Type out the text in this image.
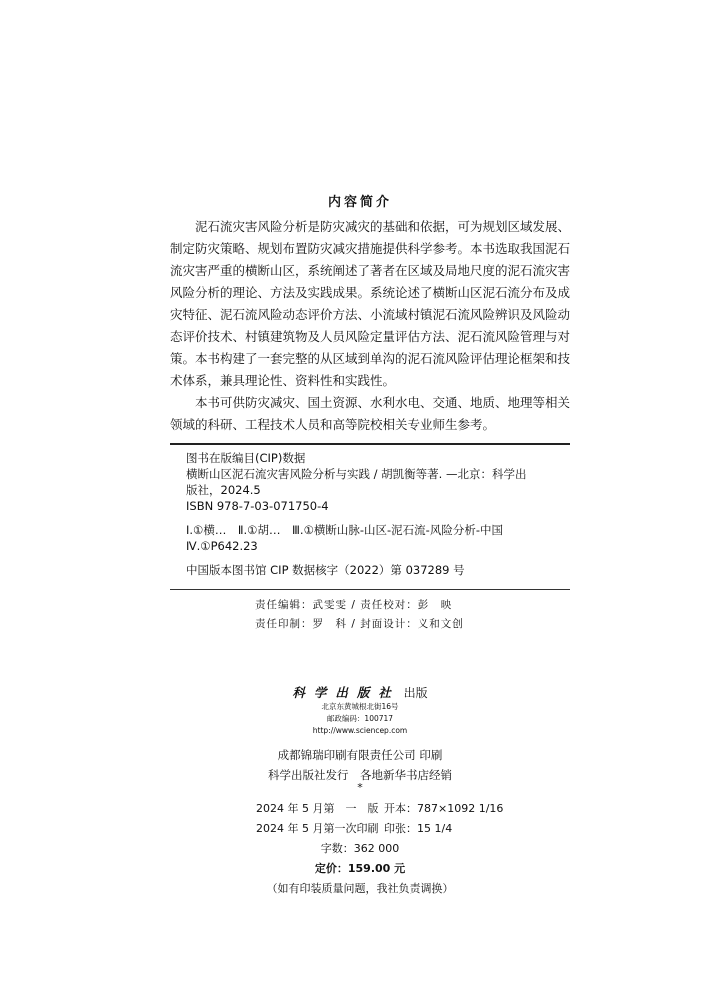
内容简介

泥石流灾害风险分析是防灾减灾的基础和依据，可为规划区域发展、制定防灾策略、规划布置防灾减灾措施提供科学参考。本书选取我国泥石流灾害严重的横断山区，系统阐述了著者在区域及局地尺度的泥石流灾害风险分析的理论、方法及实践成果。系统论述了横断山区泥石流分布及成灾特征、泥石流风险动态评价方法、小流域村镇泥石流风险辨识及风险动态评价技术、村镇建筑物及人员风险定量评估方法、泥石流风险管理与对策。本书构建了一套完整的从区域到单沟的泥石流风险评估理论框架和技术体系，兼具理论性、资料性和实践性。

本书可供防灾减灾、国土资源、水利水电、交通、地质、地理等相关领域的科研、工程技术人员和高等院校相关专业师生参考。

图书在版编目(CIP)数据
横断山区泥石流灾害风险分析与实践 / 胡凯衡等著. —北京：科学出
版社，2024.5
ISBN 978-7-03-071750-4
Ⅰ.①横…　Ⅱ.①胡…　Ⅲ.①横断山脉-山区-泥石流-风险分析-中国
Ⅳ.①P642.23
中国版本图书馆 CIP 数据核字（2022）第 037289 号
责任编辑：武雯雯 / 责任校对：彭　映
责任印制：罗　科 / 封面设计：义和文创
科学出版社 出版
北京东黄城根北街16号
邮政编码：100717
http://www.sciencep.com
成都锦瑞印刷有限责任公司 印刷
科学出版社发行　各地新华书店经销
*
2024 年 5 月第　一　版 开本：787×1092 1/16
2024 年 5 月第一次印刷 印张：15 1/4
字数：362 000
定价：159.00 元
（如有印装质量问题，我社负责调换）
